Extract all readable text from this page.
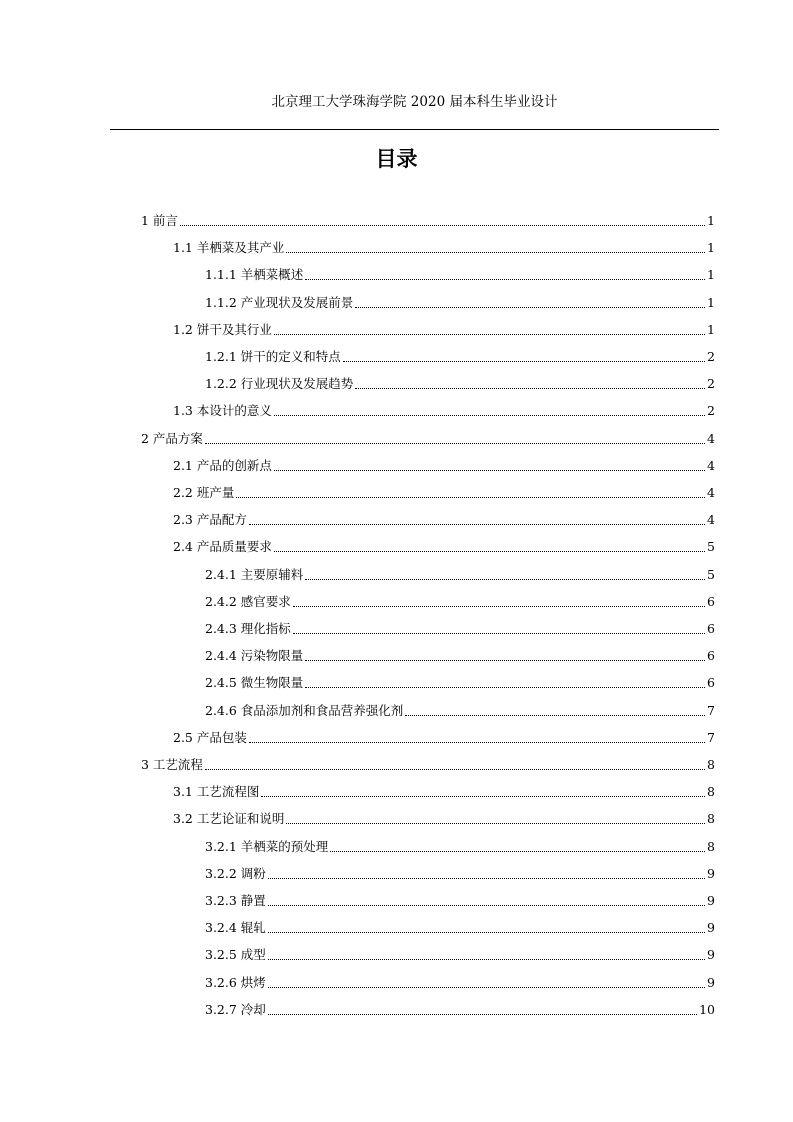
北京理工大学珠海学院 2020 届本科生毕业设计
目录
1 前言	1
1.1 羊栖菜及其产业	1
1.1.1 羊栖菜概述	1
1.1.2 产业现状及发展前景	1
1.2 饼干及其行业	1
1.2.1 饼干的定义和特点	2
1.2.2 行业现状及发展趋势	2
1.3 本设计的意义	2
2 产品方案	4
2.1 产品的创新点	4
2.2 班产量	4
2.3 产品配方	4
2.4 产品质量要求	5
2.4.1 主要原辅料	5
2.4.2 感官要求	6
2.4.3 理化指标	6
2.4.4 污染物限量	6
2.4.5 微生物限量	6
2.4.6 食品添加剂和食品营养强化剂	7
2.5 产品包装	7
3 工艺流程	8
3.1 工艺流程图	8
3.2 工艺论证和说明	8
3.2.1 羊栖菜的预处理	8
3.2.2 调粉	9
3.2.3 静置	9
3.2.4 辊轧	9
3.2.5 成型	9
3.2.6 烘烤	9
3.2.7 冷却	10
